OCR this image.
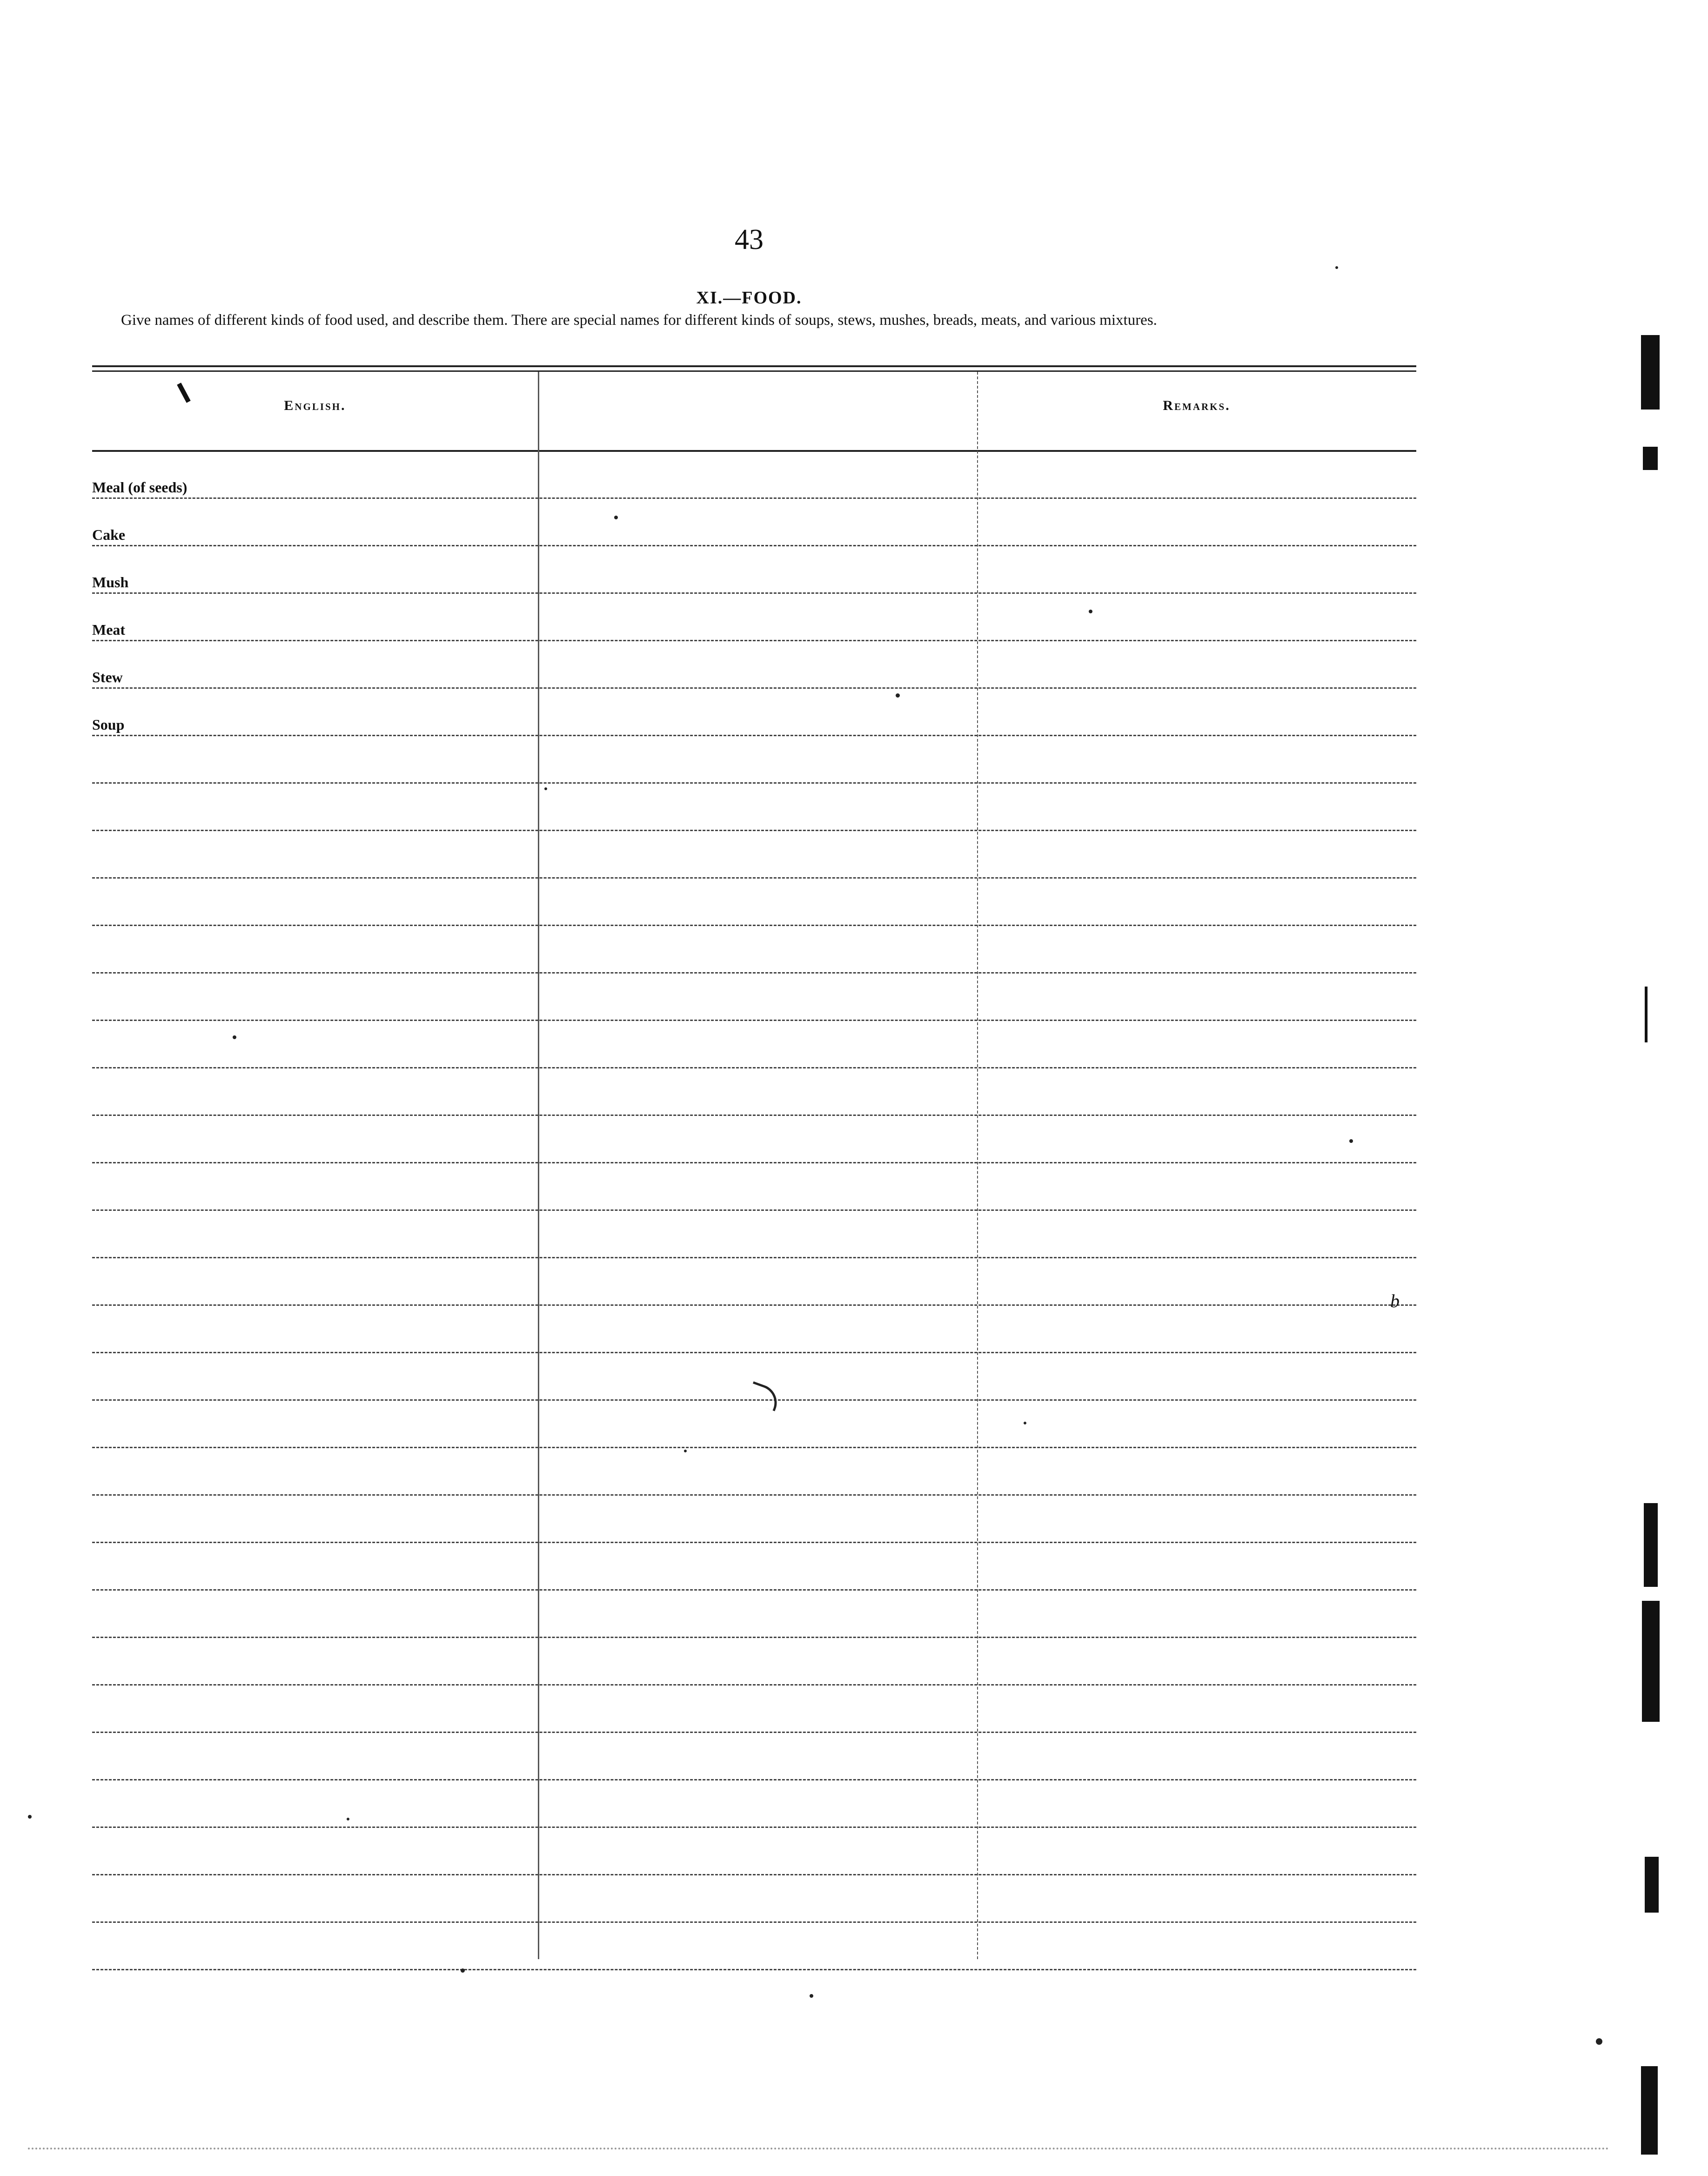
43
XI.—FOOD.
Give names of different kinds of food used, and describe them. There are special names for different kinds of soups, stews, mushes, breads, meats, and various mixtures.
English.	Remarks.
Meal (of seeds)
Cake
Mush
Meat
Stew
Soup
b
